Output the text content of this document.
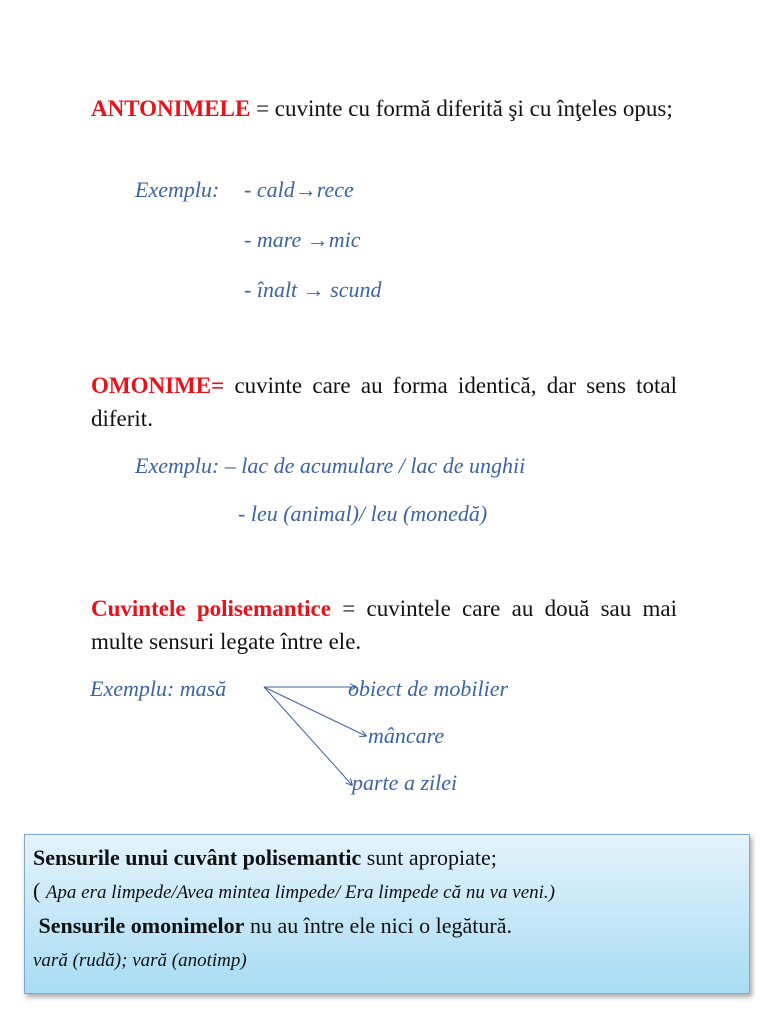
ANTONIMELE = cuvinte cu formă diferită şi cu înţeles opus;
Exemplu: - cald→rece
- mare →mic
- înalt → scund
OMONIME= cuvinte care au forma identică, dar sens total diferit.
Exemplu: – lac de acumulare / lac de unghii
- leu (animal)/ leu (monedă)
Cuvintele polisemantice = cuvintele care au două sau mai multe sensuri legate între ele.
Exemplu: masă	obiect de mobilier
mâncare
parte a zilei
Sensurile unui cuvânt polisemantic sunt apropiate;
( Apa era limpede/Avea mintea limpede/ Era limpede că nu va veni.)
Sensurile omonimelor nu au între ele nici o legătură.
vară (rudă); vară (anotimp)
